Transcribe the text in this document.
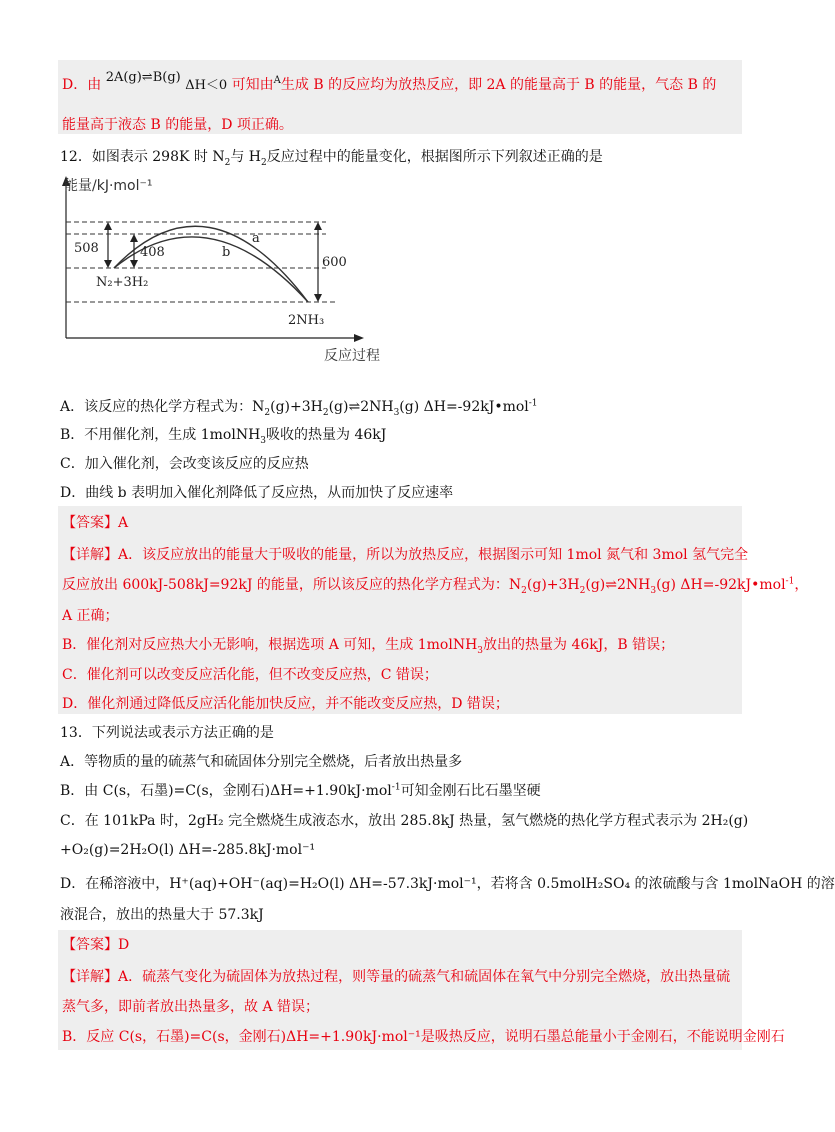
D．由 2A(g)⇌B(g) ΔH＜0 可知由$^A$生成 B 的反应均为放热反应，即 2A 的能量高于 B 的能量，气态 B 的
能量高于液态 B 的能量，D 项正确。
12．如图表示 298K 时 $N_2$与 $H_2$反应过程中的能量变化，根据图所示下列叙述正确的是
能量/kJ·mol⁻¹
508	408
600
a
b
N₂+3H₂
2NH₃
反应过程
A．该反应的热化学方程式为：$N_2(g)+3H_2(g)\rightleftharpoons 2NH_3(g)$ ΔH=-92kJ•mol$^{-1}$
B．不用催化剂，生成 1molNH$_3$吸收的热量为 46kJ
C．加入催化剂，会改变该反应的反应热
D．曲线 b 表明加入催化剂降低了反应热，从而加快了反应速率
【答案】A
【详解】A．该反应放出的能量大于吸收的能量，所以为放热反应，根据图示可知 1mol 氮气和 3mol 氢气完全
反应放出 600kJ-508kJ=92kJ 的能量，所以该反应的热化学方程式为：$N_2(g)+3H_2(g)\rightleftharpoons 2NH_3(g)$ ΔH=-92kJ•mol$^{-1}$，
A 正确；
B．催化剂对反应热大小无影响，根据选项 A 可知，生成 1molNH$_3$放出的热量为 46kJ，B 错误；
C．催化剂可以改变反应活化能，但不改变反应热，C 错误；
D．催化剂通过降低反应活化能加快反应，并不能改变反应热，D 错误；
13．下列说法或表示方法正确的是
A．等物质的量的硫蒸气和硫固体分别完全燃烧，后者放出热量多
B．由 C(s，石墨)=C(s，金刚石)ΔH=+1.90kJ·mol$^{-1}$可知金刚石比石墨坚硬
C．在 101kPa 时，2gH₂ 完全燃烧生成液态水，放出 285.8kJ 热量，氢气燃烧的热化学方程式表示为 2H₂(g)
+O₂(g)=2H₂O(l) ΔH=-285.8kJ·mol⁻¹
D．在稀溶液中，H⁺(aq)+OH⁻(aq)=H₂O(l) ΔH=-57.3kJ·mol⁻¹，若将含 0.5molH₂SO₄ 的浓硫酸与含 1molNaOH 的溶
液混合，放出的热量大于 57.3kJ
【答案】D
【详解】A．硫蒸气变化为硫固体为放热过程，则等量的硫蒸气和硫固体在氧气中分别完全燃烧，放出热量硫
蒸气多，即前者放出热量多，故 A 错误；
B．反应 C(s，石墨)=C(s，金刚石)ΔH=+1.90kJ·mol⁻¹是吸热反应，说明石墨总能量小于金刚石，不能说明金刚石
